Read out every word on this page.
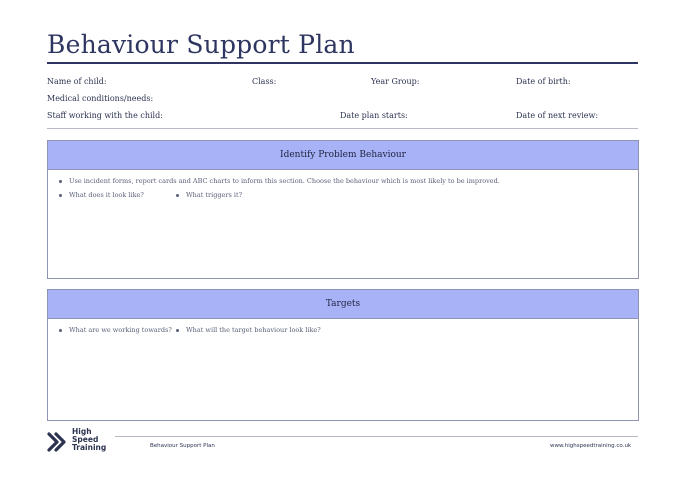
Behaviour Support Plan
Name of child:	Class:	Year Group:	Date of birth:
Medical conditions/needs:
Staff working with the child:	Date plan starts:	Date of next review:
Identify Problem Behaviour
Use incident forms, report cards and ABC charts to inform this section. Choose the behaviour which is most likely to be improved.
What does it look like?	What triggers it?
Targets
What are we working towards?	What will the target behaviour look like?
High
Speed
Training	Behaviour Support Plan	www.highspeedtraining.co.uk
